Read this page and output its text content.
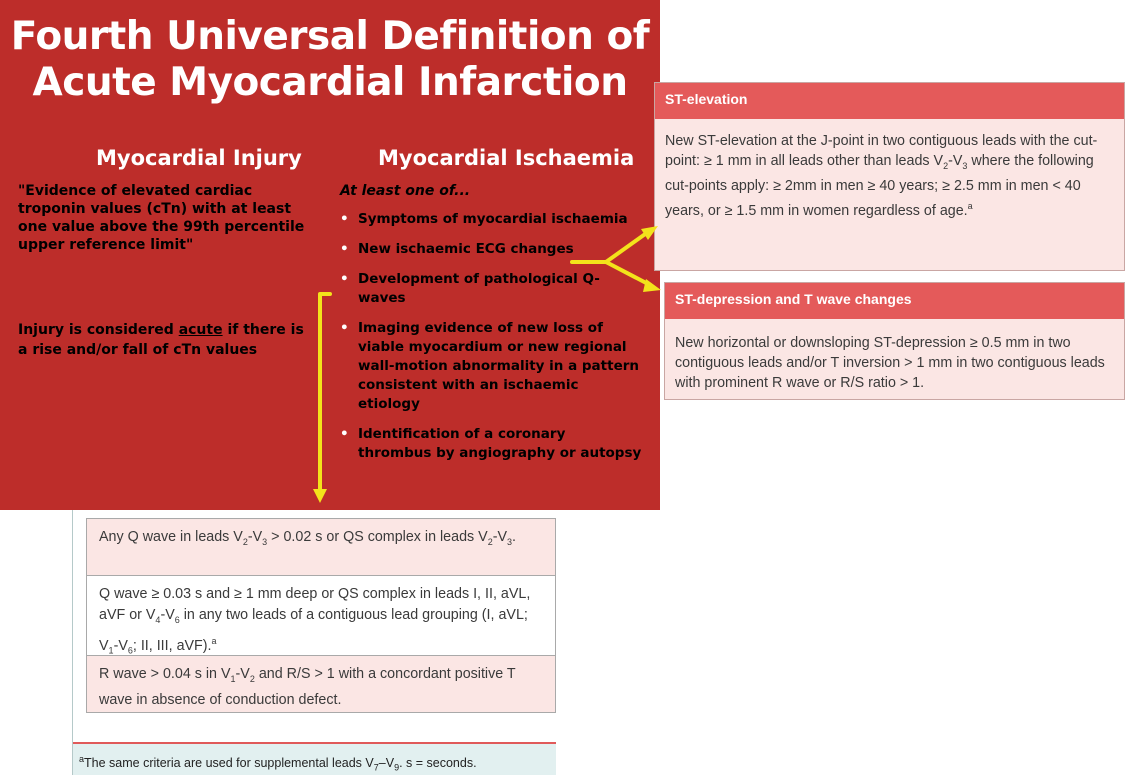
Fourth Universal Definition of
Acute Myocardial Infarction
Myocardial Injury	Myocardial Ischaemia
"Evidence of elevated cardiac troponin values (cTn) with at least one value above the 99th percentile upper reference limit"
Injury is considered acute if there is a rise and/or fall of cTn values
At least one of...
• Symptoms of myocardial ischaemia
• New ischaemic ECG changes
• Development of pathological Q-waves
• Imaging evidence of new loss of viable myocardium or new regional wall-motion abnormality in a pattern consistent with an ischaemic etiology
• Identification of a coronary thrombus by angiography or autopsy
ST-elevation
New ST-elevation at the J-point in two contiguous leads with the cut-point: ≥ 1 mm in all leads other than leads $V_2-V_3$ where the following cut-points apply: ≥ 2mm in men ≥ 40 years; ≥ 2.5 mm in men < 40 years, or ≥ 1.5 mm in women regardless of age.$^a$
ST-depression and T wave changes
New horizontal or downsloping ST-depression ≥ 0.5 mm in two contiguous leads and/or T inversion > 1 mm in two contiguous leads with prominent R wave or R/S ratio > 1.
Any Q wave in leads $V_2-V_3 > 0.02$ s or QS complex in leads $V_2-V_3$.
Q wave ≥ 0.03 s and ≥ 1 mm deep or QS complex in leads I, II, aVL, aVF or $V_4-V_6$ in any two leads of a contiguous lead grouping (I, aVL; $V_1-V_6$; II, III, aVF).$^a$
R wave > 0.04 s in $V_1-V_2$ and R/S > 1 with a concordant positive T wave in absence of conduction defect.
$^a$The same criteria are used for supplemental leads $V_7-V_9$. s = seconds.
